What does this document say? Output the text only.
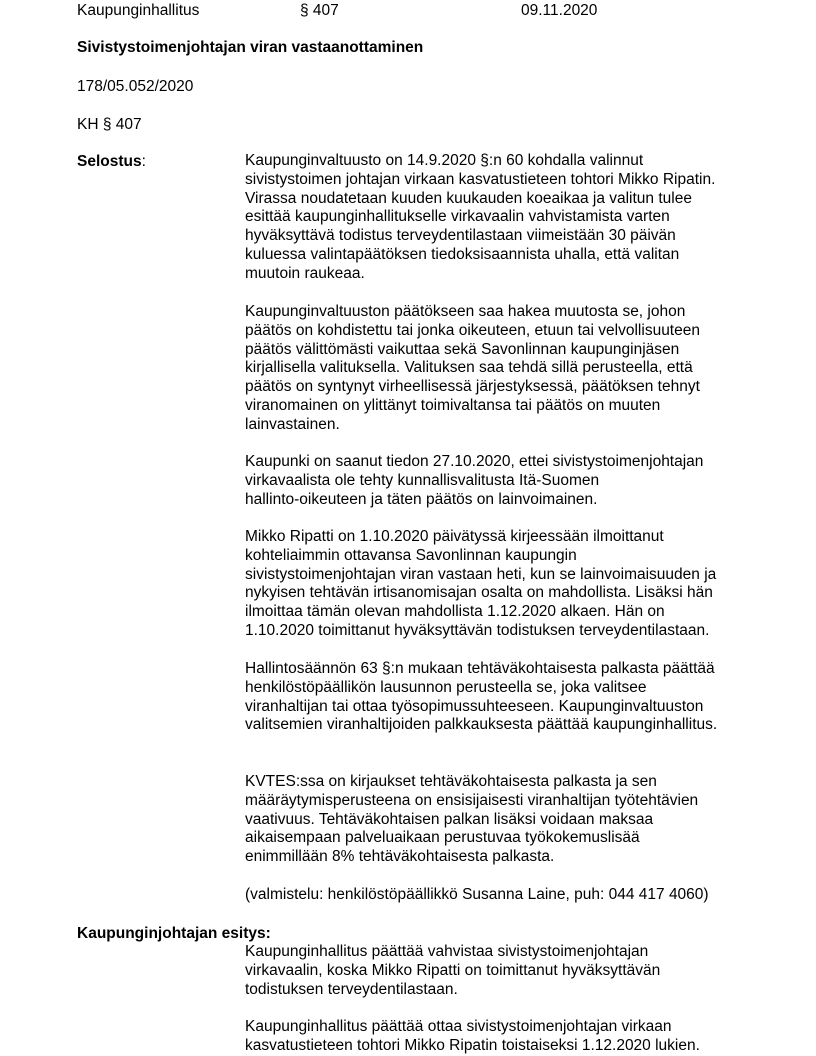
Kaupunginhallitus	§ 407	09.11.2020
Sivistystoimenjohtajan viran vastaanottaminen
178/05.052/2020
KH § 407
Selostus:	Kaupunginvaltuusto on 14.9.2020 §:n 60 kohdalla valinnut
sivistystoimen johtajan virkaan kasvatustieteen tohtori Mikko Ripatin.
Virassa noudatetaan kuuden kuukauden koeaikaa ja valitun tulee
esittää kaupunginhallitukselle virkavaalin vahvistamista varten
hyväksyttävä todistus terveydentilastaan viimeistään 30 päivän
kuluessa valintapäätöksen tiedoksisaannista uhalla, että valitan
muutoin raukeaa.
Kaupunginvaltuuston päätökseen saa hakea muutosta se, johon
päätös on kohdistettu tai jonka oikeuteen, etuun tai velvollisuuteen
päätös välittömästi vaikuttaa sekä Savonlinnan kaupunginjäsen
kirjallisella valituksella. Valituksen saa tehdä sillä perusteella, että
päätös on syntynyt virheellisessä järjestyksessä, päätöksen tehnyt
viranomainen on ylittänyt toimivaltansa tai päätös on muuten
lainvastainen.
Kaupunki on saanut tiedon 27.10.2020, ettei sivistystoimenjohtajan
virkavaalista ole tehty kunnallisvalitusta Itä-Suomen
hallinto-oikeuteen ja täten päätös on lainvoimainen.
Mikko Ripatti on 1.10.2020 päivätyssä kirjeessään ilmoittanut
kohteliaimmin ottavansa Savonlinnan kaupungin
sivistystoimenjohtajan viran vastaan heti, kun se lainvoimaisuuden ja
nykyisen tehtävän irtisanomisajan osalta on mahdollista. Lisäksi hän
ilmoittaa tämän olevan mahdollista 1.12.2020 alkaen. Hän on
1.10.2020 toimittanut hyväksyttävän todistuksen terveydentilastaan.
Hallintosäännön 63 §:n mukaan tehtäväkohtaisesta palkasta päättää
henkilöstöpäällikön lausunnon perusteella se, joka valitsee
viranhaltijan tai ottaa työsopimussuhteeseen. Kaupunginvaltuuston
valitsemien viranhaltijoiden palkkauksesta päättää kaupunginhallitus.
KVTES:ssa on kirjaukset tehtäväkohtaisesta palkasta ja sen
määräytymisperusteena on ensisijaisesti viranhaltijan työtehtävien
vaativuus. Tehtäväkohtaisen palkan lisäksi voidaan maksaa
aikaisempaan palveluaikaan perustuvaa työkokemuslisää
enimmillään 8% tehtäväkohtaisesta palkasta.
(valmistelu: henkilöstöpäällikkö Susanna Laine, puh: 044 417 4060)
Kaupunginjohtajan esitys:
Kaupunginhallitus päättää vahvistaa sivistystoimenjohtajan
virkavaalin, koska Mikko Ripatti on toimittanut hyväksyttävän
todistuksen terveydentilastaan.
Kaupunginhallitus päättää ottaa sivistystoimenjohtajan virkaan
kasvatustieteen tohtori Mikko Ripatin toistaiseksi 1.12.2020 lukien.
